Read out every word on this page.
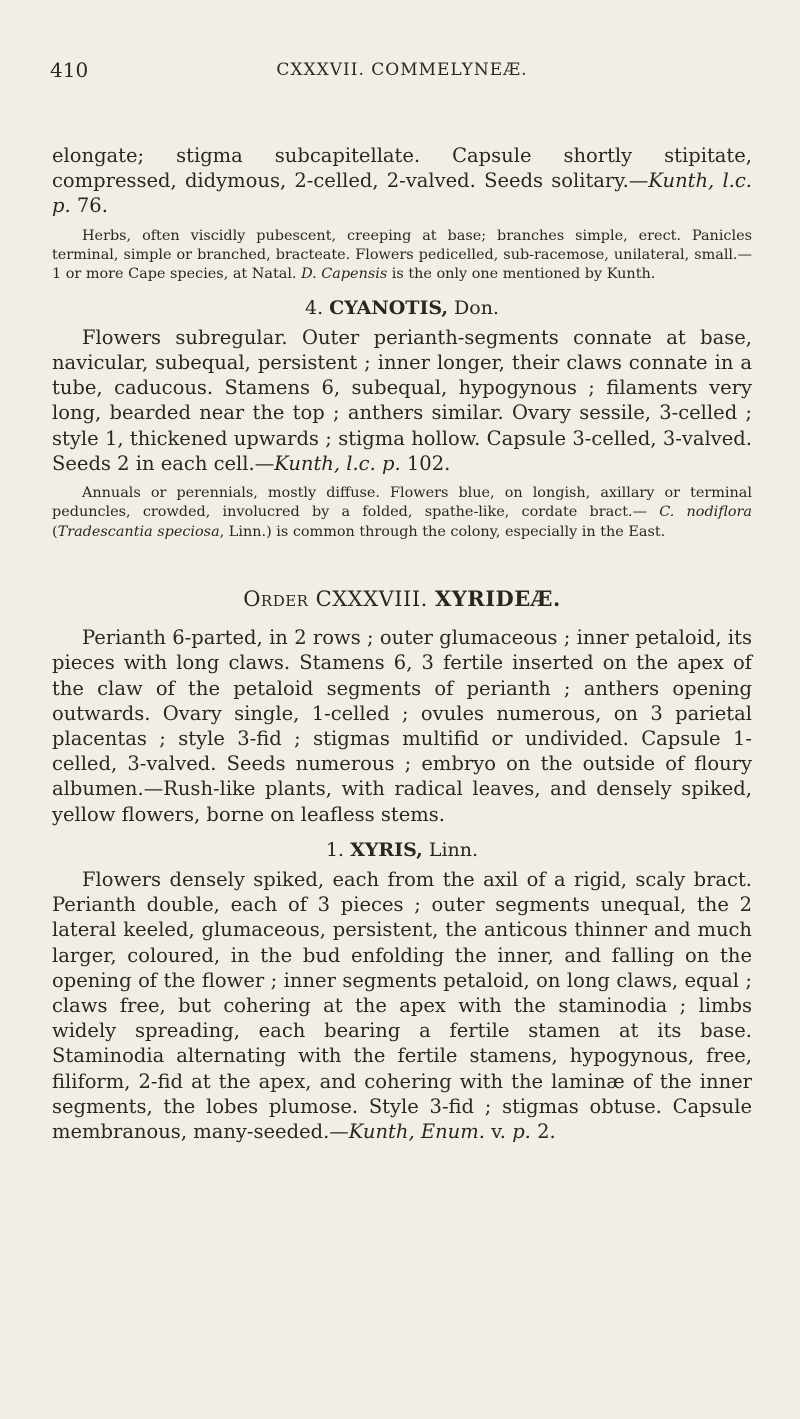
410	CXXXVII. COMMELYNEÆ.

elongate; stigma subcapitellate. Capsule shortly stipitate, compressed, didymous, 2-celled, 2-valved. Seeds solitary.—Kunth, l.c. p. 76.

Herbs, often viscidly pubescent, creeping at base; branches simple, erect. Panicles terminal, simple or branched, bracteate. Flowers pedicelled, sub-racemose, unilateral, small.—1 or more Cape species, at Natal. D. Capensis is the only one mentioned by Kunth.

4. CYANOTIS, Don.

Flowers subregular. Outer perianth-segments connate at base, navicular, subequal, persistent ; inner longer, their claws connate in a tube, caducous. Stamens 6, subequal, hypogynous ; filaments very long, bearded near the top ; anthers similar. Ovary sessile, 3-celled ; style 1, thickened upwards ; stigma hollow. Capsule 3-celled, 3-valved. Seeds 2 in each cell.—Kunth, l.c. p. 102.

Annuals or perennials, mostly diffuse. Flowers blue, on longish, axillary or terminal peduncles, crowded, involucred by a folded, spathe-like, cordate bract.— C. nodiflora (Tradescantia speciosa, Linn.) is common through the colony, especially in the East.

Order CXXXVIII. XYRIDEÆ.

Perianth 6-parted, in 2 rows ; outer glumaceous ; inner petaloid, its pieces with long claws. Stamens 6, 3 fertile inserted on the apex of the claw of the petaloid segments of perianth ; anthers opening outwards. Ovary single, 1-celled ; ovules numerous, on 3 parietal placentas ; style 3-fid ; stigmas multifid or undivided. Capsule 1-celled, 3-valved. Seeds numerous ; embryo on the outside of floury albumen.—Rush-like plants, with radical leaves, and densely spiked, yellow flowers, borne on leafless stems.

1. XYRIS, Linn.

Flowers densely spiked, each from the axil of a rigid, scaly bract. Perianth double, each of 3 pieces ; outer segments unequal, the 2 lateral keeled, glumaceous, persistent, the anticous thinner and much larger, coloured, in the bud enfolding the inner, and falling on the opening of the flower ; inner segments petaloid, on long claws, equal ; claws free, but cohering at the apex with the staminodia ; limbs widely spreading, each bearing a fertile stamen at its base. Staminodia alternating with the fertile stamens, hypogynous, free, filiform, 2-fid at the apex, and cohering with the laminæ of the inner segments, the lobes plumose. Style 3-fid ; stigmas obtuse. Capsule membranous, many-seeded.—Kunth, Enum. v. p. 2.
